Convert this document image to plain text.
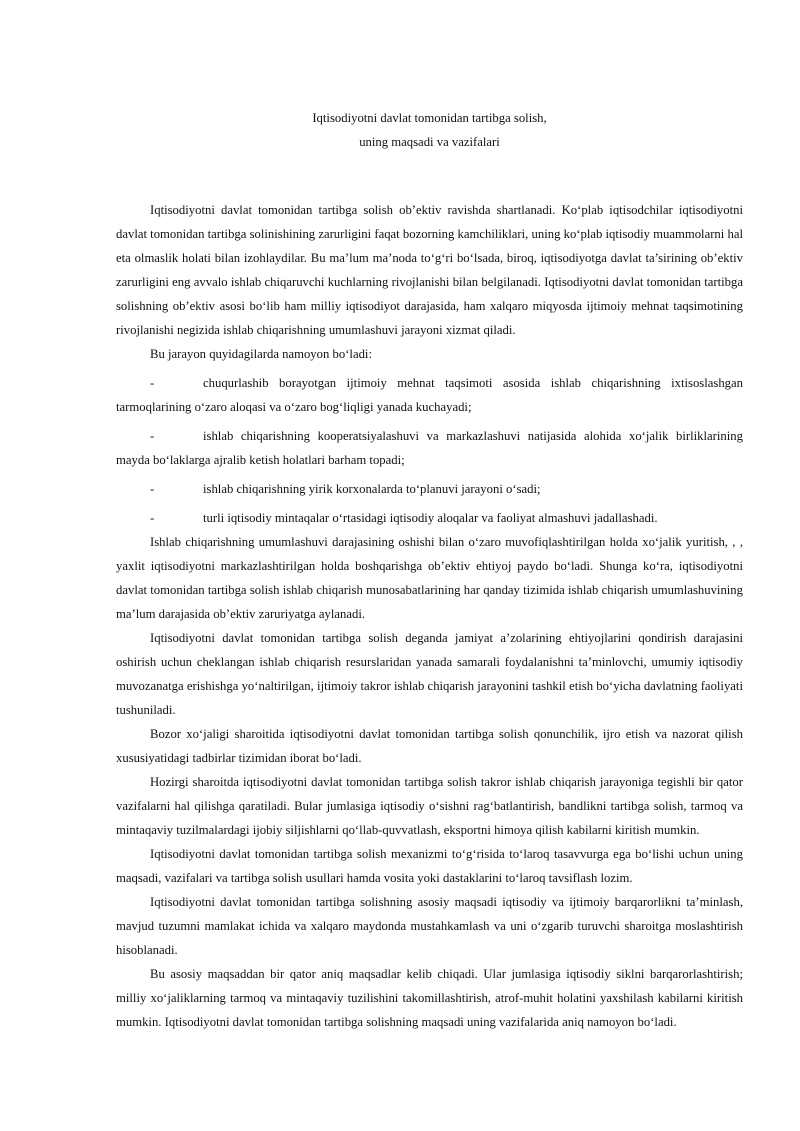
Iqtisodiyotni davlat tomonidan tartibga solish,
uning maqsadi va vazifalari

Iqtisodiyotni davlat tomonidan tartibga solish ob’ektiv ravishda shartlanadi. Ko‘plab iqtisodchilar iqtisodiyotni davlat tomonidan tartibga solinishining zarurligini faqat bozorning kamchiliklari, uning ko‘plab iqtisodiy muammolarni hal eta olmaslik holati bilan izohlaydilar. Bu ma’lum ma’noda to‘g‘ri bo‘lsada, biroq, iqtisodiyotga davlat ta’sirining ob’ektiv zarurligini eng avvalo ishlab chiqaruvchi kuchlarning rivojlanishi bilan belgilanadi. Iqtisodiyotni davlat tomonidan tartibga solishning ob’ektiv asosi bo‘lib ham milliy iqtisodiyot darajasida, ham xalqaro miqyosda ijtimoiy mehnat taqsimotining rivojlanishi negizida ishlab chiqarishning umumlashuvi jarayoni xizmat qiladi.

Bu jarayon quyidagilarda namoyon bo‘ladi:

-	chuqurlashib borayotgan ijtimoiy mehnat taqsimoti asosida ishlab chiqarishning ixtisoslashgan tarmoqlarining o‘zaro aloqasi va o‘zaro bog‘liqligi yanada kuchayadi;
-	ishlab chiqarishning kooperatsiyalashuvi va markazlashuvi natijasida alohida xo‘jalik birliklarining mayda bo‘laklarga ajralib ketish holatlari barham topadi;
-	ishlab chiqarishning yirik korxonalarda to‘planuvi jarayoni o‘sadi;
-	turli iqtisodiy mintaqalar o‘rtasidagi iqtisodiy aloqalar va faoliyat almashuvi jadallashadi.

Ishlab chiqarishning umumlashuvi darajasining oshishi bilan o‘zaro muvofiqlashtirilgan holda xo‘jalik yuritish, , , yaxlit iqtisodiyotni markazlashtirilgan holda boshqarishga ob’ektiv ehtiyoj paydo bo‘ladi. Shunga ko‘ra, iqtisodiyotni davlat tomonidan tartibga solish ishlab chiqarish munosabatlarining har qanday tizimida ishlab chiqarish umumlashuvining ma’lum darajasida ob’ektiv zaruriyatga aylanadi.

Iqtisodiyotni davlat tomonidan tartibga solish deganda jamiyat a’zolarining ehtiyojlarini qondirish darajasini oshirish uchun cheklangan ishlab chiqarish resurslaridan yanada samarali foydalanishni ta’minlovchi, umumiy iqtisodiy muvozanatga erishishga yo‘naltirilgan, ijtimoiy takror ishlab chiqarish jarayonini tashkil etish bo‘yicha davlatning faoliyati tushuniladi.

Bozor xo‘jaligi sharoitida iqtisodiyotni davlat tomonidan tartibga solish qonunchilik, ijro etish va nazorat qilish xususiyatidagi tadbirlar tizimidan iborat bo‘ladi.

Hozirgi sharoitda iqtisodiyotni davlat tomonidan tartibga solish takror ishlab chiqarish jarayoniga tegishli bir qator vazifalarni hal qilishga qaratiladi. Bular jumlasiga iqtisodiy o‘sishni rag‘batlantirish, bandlikni tartibga solish, tarmoq va mintaqaviy tuzilmalardagi ijobiy siljishlarni qo‘llab-quvvatlash, eksportni himoya qilish kabilarni kiritish mumkin.

Iqtisodiyotni davlat tomonidan tartibga solish mexanizmi to‘g‘risida to‘laroq tasavvurga ega bo‘lishi uchun uning maqsadi, vazifalari va tartibga solish usullari hamda vosita yoki dastaklarini to‘laroq tavsiflash lozim.

Iqtisodiyotni davlat tomonidan tartibga solishning asosiy maqsadi iqtisodiy va ijtimoiy barqarorlikni ta’minlash, mavjud tuzumni mamlakat ichida va xalqaro maydonda mustahkamlash va uni o‘zgarib turuvchi sharoitga moslashtirish hisoblanadi.

Bu asosiy maqsaddan bir qator aniq maqsadlar kelib chiqadi. Ular jumlasiga iqtisodiy siklni barqarorlashtirish; milliy xo‘jaliklarning tarmoq va mintaqaviy tuzilishini takomillashtirish, atrof-muhit holatini yaxshilash kabilarni kiritish mumkin. Iqtisodiyotni davlat tomonidan tartibga solishning maqsadi uning vazifalarida aniq namoyon bo‘ladi.
